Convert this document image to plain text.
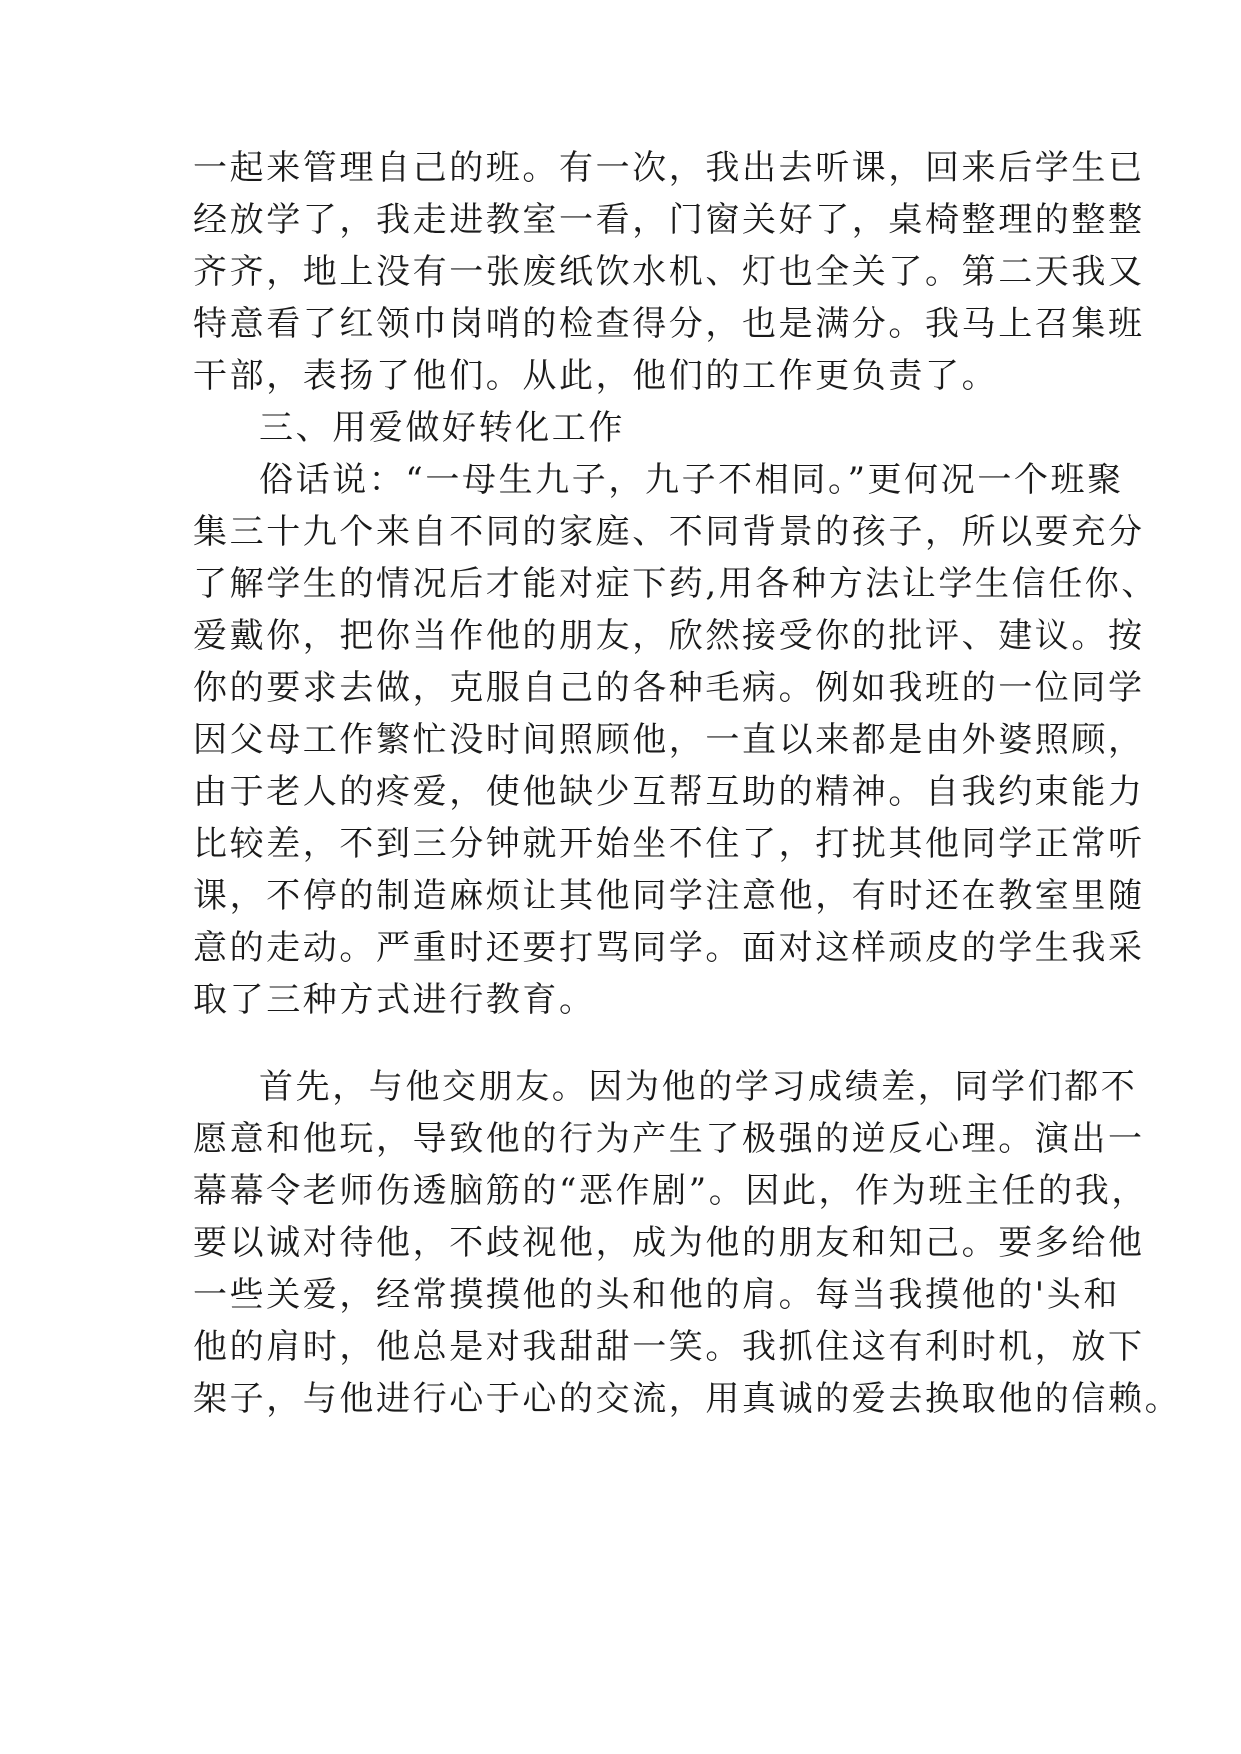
一起来管理自己的班。有一次，我出去听课，回来后学生已
经放学了，我走进教室一看，门窗关好了，桌椅整理的整整
齐齐，地上没有一张废纸饮水机、灯也全关了。第二天我又
特意看了红领巾岗哨的检查得分，也是满分。我马上召集班
干部，表扬了他们。从此，他们的工作更负责了。
三、用爱做好转化工作
俗话说：“一母生九子，九子不相同。”更何况一个班聚
集三十九个来自不同的家庭、不同背景的孩子，所以要充分
了解学生的情况后才能对症下药,用各种方法让学生信任你、
爱戴你，把你当作他的朋友，欣然接受你的批评、建议。按
你的要求去做，克服自己的各种毛病。例如我班的一位同学
因父母工作繁忙没时间照顾他，一直以来都是由外婆照顾，
由于老人的疼爱，使他缺少互帮互助的精神。自我约束能力
比较差，不到三分钟就开始坐不住了，打扰其他同学正常听
课，不停的制造麻烦让其他同学注意他，有时还在教室里随
意的走动。严重时还要打骂同学。面对这样顽皮的学生我采
取了三种方式进行教育。
首先，与他交朋友。因为他的学习成绩差，同学们都不
愿意和他玩，导致他的行为产生了极强的逆反心理。演出一
幕幕令老师伤透脑筋的“恶作剧”。因此，作为班主任的我，
要以诚对待他，不歧视他，成为他的朋友和知己。要多给他
一些关爱，经常摸摸他的头和他的肩。每当我摸他的'头和
他的肩时，他总是对我甜甜一笑。我抓住这有利时机，放下
架子，与他进行心于心的交流，用真诚的爱去换取他的信赖。
